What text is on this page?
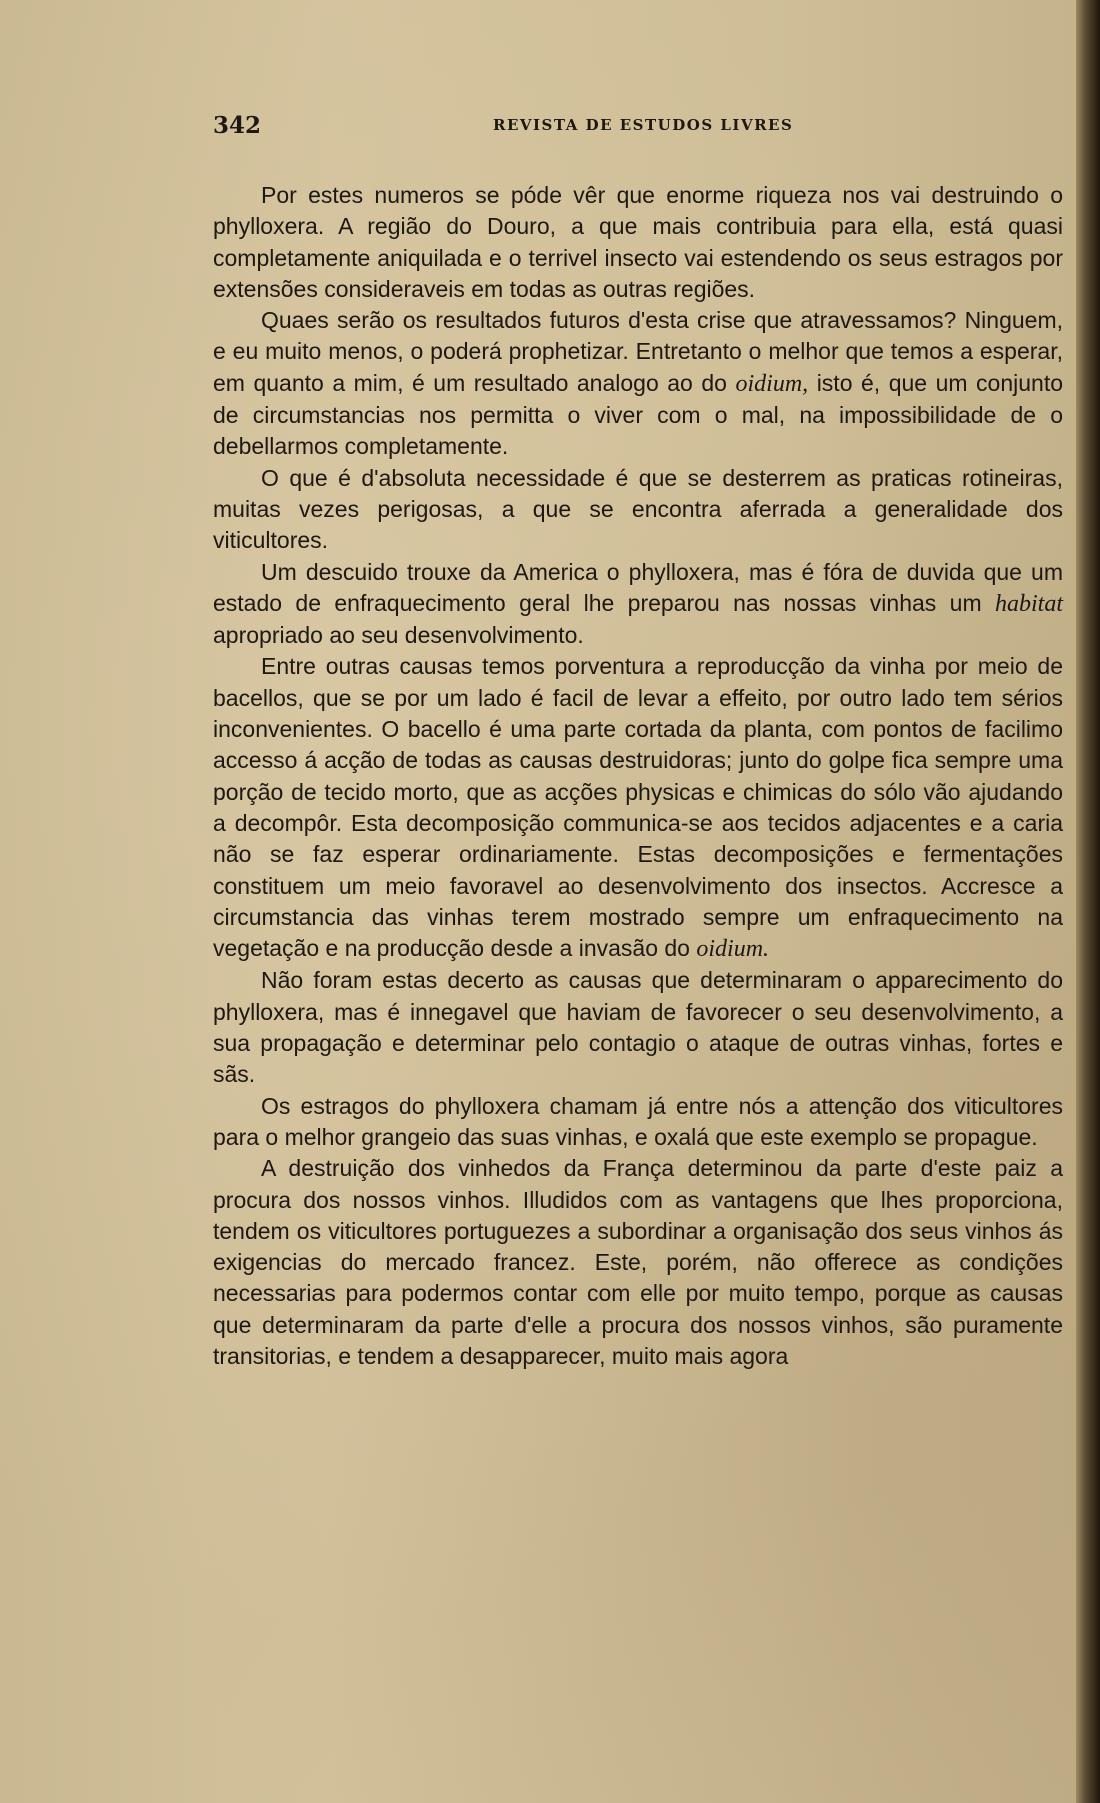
342	REVISTA DE ESTUDOS LIVRES

Por estes numeros se póde vêr que enorme riqueza nos vai destruindo o phylloxera. A região do Douro, a que mais contribuia para ella, está quasi completamente aniquilada e o terrivel insecto vai estendendo os seus estragos por extensões consideraveis em todas as outras regiões.

Quaes serão os resultados futuros d'esta crise que atravessamos? Ninguem, e eu muito menos, o poderá prophetizar. Entretanto o melhor que temos a esperar, em quanto a mim, é um resultado analogo ao do oidium, isto é, que um conjunto de circumstancias nos permitta o viver com o mal, na impossibilidade de o debellarmos completamente.

O que é d'absoluta necessidade é que se desterrem as praticas rotineiras, muitas vezes perigosas, a que se encontra aferrada a generalidade dos viticultores.

Um descuido trouxe da America o phylloxera, mas é fóra de duvida que um estado de enfraquecimento geral lhe preparou nas nossas vinhas um habitat apropriado ao seu desenvolvimento.

Entre outras causas temos porventura a reproducção da vinha por meio de bacellos, que se por um lado é facil de levar a effeito, por outro lado tem sérios inconvenientes. O bacello é uma parte cortada da planta, com pontos de facilimo accesso á acção de todas as causas destruidoras; junto do golpe fica sempre uma porção de tecido morto, que as acções physicas e chimicas do sólo vão ajudando a decompôr. Esta decomposição communica-se aos tecidos adjacentes e a caria não se faz esperar ordinariamente. Estas decomposições e fermentações constituem um meio favoravel ao desenvolvimento dos insectos. Accresce a circumstancia das vinhas terem mostrado sempre um enfraquecimento na vegetação e na producção desde a invasão do oidium.

Não foram estas decerto as causas que determinaram o apparecimento do phylloxera, mas é innegavel que haviam de favorecer o seu desenvolvimento, a sua propagação e determinar pelo contagio o ataque de outras vinhas, fortes e sãs.

Os estragos do phylloxera chamam já entre nós a attenção dos viticultores para o melhor grangeio das suas vinhas, e oxalá que este exemplo se propague.

A destruição dos vinhedos da França determinou da parte d'este paiz a procura dos nossos vinhos. Illudidos com as vantagens que lhes proporciona, tendem os viticultores portuguezes a subordinar a organisação dos seus vinhos ás exigencias do mercado francez. Este, porém, não offerece as condições necessarias para podermos contar com elle por muito tempo, porque as causas que determinaram da parte d'elle a procura dos nossos vinhos, são puramente transitorias, e tendem a desapparecer, muito mais agora
